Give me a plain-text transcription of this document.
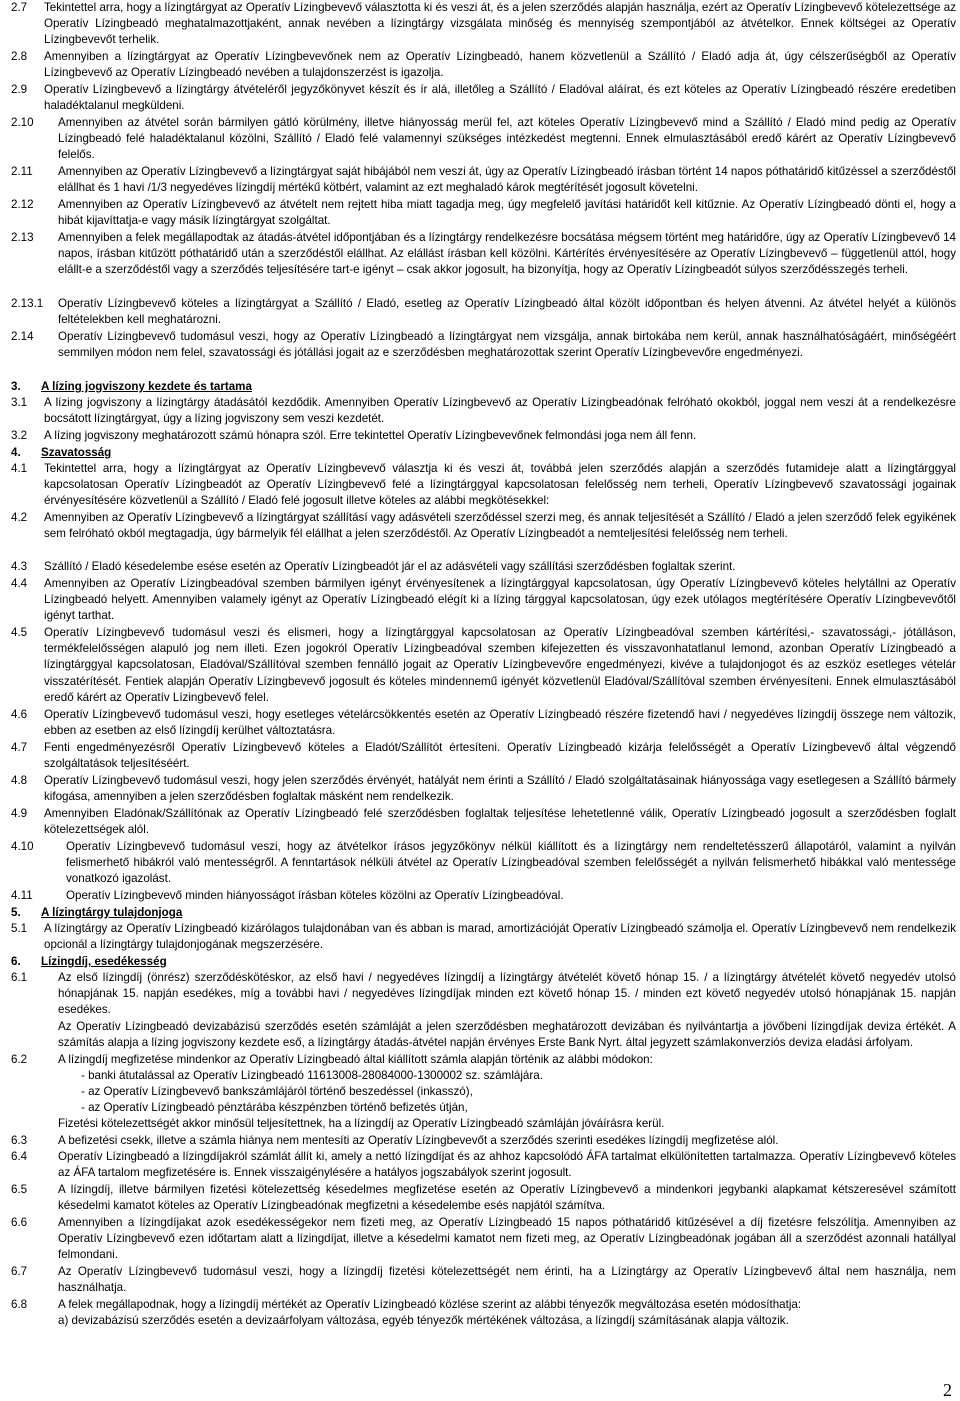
2.7 Tekintettel arra, hogy a lízingtárgyat az Operatív Lízingbevevő választotta ki és veszi át, és a jelen szerződés alapján használja, ezért az Operatív Lízingbevevő kötelezettsége az Operatív Lízingbeadó meghatalmazottjaként, annak nevében a lízingtárgy vizsgálata minőség és mennyiség szempontjából az átvételkor. Ennek költségei az Operatív Lízingbevevőt terhelik.
2.8 Amennyiben a lízingtárgyat az Operatív Lízingbevevőnek nem az Operatív Lízingbeadó, hanem közvetlenül a Szállító / Eladó adja át, úgy célszerűségből az Operatív Lízingbevevő az Operatív Lízingbeadó nevében a tulajdonszerzést is igazolja.
2.9 Operatív Lízingbevevő a lízingtárgy átvételéről jegyzőkönyvet készít és ír alá, illetőleg a Szállító / Eladóval aláírat, és ezt köteles az Operatív Lízingbeadó részére eredetiben haladéktalanul megküldeni.
2.10 Amennyiben az átvétel során bármilyen gátló körülmény, illetve hiányosság merül fel, azt köteles Operatív Lízingbevevő mind a Szállító / Eladó mind pedig az Operatív Lízingbeadó felé haladéktalanul közölni, Szállító / Eladó felé valamennyi szükséges intézkedést megtenni. Ennek elmulasztásából eredő kárért az Operatív Lízingbevevő felelős.
2.11 Amennyiben az Operatív Lízingbevevő a lízingtárgyat saját hibájából nem veszi át, úgy az Operatív Lízingbeadó írásban történt 14 napos póthatáridő kitűzéssel a szerződéstől elállhat és 1 havi /1/3 negyedéves lízingdíj mértékű kötbért, valamint az ezt meghaladó károk megtérítését jogosult követelni.
2.12 Amennyiben az Operatív Lízingbevevő az átvételt nem rejtett hiba miatt tagadja meg, úgy megfelelő javítási határidőt kell kitűznie. Az Operatív Lízingbeadó dönti el, hogy a hibát kijavíttatja-e vagy másik lízingtárgyat szolgáltat.
2.13 Amennyiben a felek megállapodtak az átadás-átvétel időpontjában és a lízingtárgy rendelkezésre bocsátása mégsem történt meg határidőre, úgy az Operatív Lízingbevevő 14 napos, írásban kitűzött póthatáridő után a szerződéstől elállhat. Az elállást írásban kell közölni. Kártérítés érvényesítésére az Operatív Lízingbevevő – függetlenül attól, hogy elállt-e a szerződéstől vagy a szerződés teljesítésére tart-e igényt – csak akkor jogosult, ha bizonyítja, hogy az Operatív Lízingbeadót súlyos szerződésszegés terheli.
2.13.1 Operatív Lízingbevevő köteles a lízingtárgyat a Szállító / Eladó, esetleg az Operatív Lízingbeadó által közölt időpontban és helyen átvenni. Az átvétel helyét a különös feltételekben kell meghatározni.
2.14 Operatív Lízingbevevő tudomásul veszi, hogy az Operatív Lízingbeadó a lízingtárgyat nem vizsgálja, annak birtokába nem kerül, annak használhatóságáért, minőségéért semmilyen módon nem felel, szavatossági és jótállási jogait az e szerződésben meghatározottak szerint Operatív Lízingbevevőre engedményezi.
3. A lízing jogviszony kezdete és tartama
3.1 A lízing jogviszony a lízingtárgy átadásától kezdődik. Amennyiben Operatív Lízingbevevő az Operatív Lízingbeadónak felróható okokból, joggal nem veszi át a rendelkezésre bocsátott lízingtárgyat, úgy a lízing jogviszony sem veszi kezdetét.
3.2 A lízing jogviszony meghatározott számú hónapra szól. Erre tekintettel Operatív Lízingbevevőnek felmondási joga nem áll fenn.
4. Szavatosság
4.1 Tekintettel arra, hogy a lízingtárgyat az Operatív Lízingbevevő választja ki és veszi át, továbbá jelen szerződés alapján a szerződés futamideje alatt a lízingtárggyal kapcsolatosan Operatív Lízingbeadót az Operatív Lízingbevevő felé a lízingtárggyal kapcsolatosan felelősség nem terheli, Operatív Lízingbevevő szavatossági jogainak érvényesítésére közvetlenül a Szállító / Eladó felé jogosult illetve köteles az alábbi megkötésekkel:
4.2 Amennyiben az Operatív Lízingbevevő a lízingtárgyat szállításí vagy adásvételi szerződéssel szerzi meg, és annak teljesítését a Szállító / Eladó a jelen szerződő felek egyikének sem felróható okból megtagadja, úgy bármelyik fél elállhat a jelen szerződéstől. Az Operatív Lízingbeadót a nemteljesítési felelősség nem terheli.
4.3 Szállító / Eladó késedelembe esése esetén az Operatív Lízingbeadót jár el az adásvételi vagy szállítási szerződésben foglaltak szerint.
4.4 Amennyiben az Operatív Lízingbeadóval szemben bármilyen igényt érvényesítenek a lízingtárggyal kapcsolatosan, úgy Operatív Lízingbevevő köteles helytállni az Operatív Lízingbeadó helyett. Amennyiben valamely igényt az Operatív Lízingbeadó elégít ki a lízing tárggyal kapcsolatosan, úgy ezek utólagos megtérítésére Operatív Lízingbevevőtől igényt tarthat.
4.5 Operatív Lízingbevevő tudomásul veszi és elismeri, hogy a lízingtárggyal kapcsolatosan az Operatív Lízingbeadóval szemben kártérítési,- szavatossági,- jótálláson, termékfelelősségen alapuló jog nem illeti. Ezen jogokról Operatív Lízingbeadóval szemben kifejezetten és visszavonhatatlanul lemond, azonban Operatív Lízingbeadó a lízingtárggyal kapcsolatosan, Eladóval/Szállítóval szemben fennálló jogait az Operatív Lízingbevevőre engedményezi, kivéve a tulajdonjogot és az eszköz esetleges vételár visszatérítését. Fentiek alapján Operatív Lízingbevevő jogosult és köteles mindennemű igényét közvetlenül Eladóval/Szállítóval szemben érvényesíteni. Ennek elmulasztásából eredő kárért az Operatív Lízingbevevő felel.
4.6 Operatív Lízingbevevő tudomásul veszi, hogy esetleges vételárcsökkentés esetén az Operatív Lízingbeadó részére fizetendő havi / negyedéves lízingdíj összege nem változik, ebben az esetben az első lízingdíj kerülhet változtatásra.
4.7 Fenti engedményezésről Operatív Lízingbevevő köteles a Eladót/Szállítót értesíteni. Operatív Lízingbeadó kizárja felelősségét a Operatív Lízingbevevő által végzendő szolgáltatások teljesítéséért.
4.8 Operatív Lízingbevevő tudomásul veszi, hogy jelen szerződés érvényét, hatályát nem érinti a Szállító / Eladó szolgáltatásainak hiányossága vagy esetlegesen a Szállító bármely kifogása, amennyiben a jelen szerződésben foglaltak másként nem rendelkezik.
4.9 Amennyiben Eladónak/Szállítónak az Operatív Lízingbeadó felé szerződésben foglaltak teljesítése lehetetlenné válik, Operatív Lízingbeadó jogosult a szerződésben foglalt kötelezettségek alól.
4.10	Operatív Lízingbevevő tudomásul veszi, hogy az átvételkor írásos jegyzőkönyv nélkül kiállított és a lízingtárgy nem rendeltetésszerű állapotáról, valamint a nyilván felismerhető hibákról való mentességről. A fenntartások nélküli átvétel az Operatív Lízingbeadóval szemben felelősségét a nyilván felismerhető hibákkal való mentessége vonatkozó igazolást.
4.11	Operatív Lízingbevevő minden hiányosságot írásban köteles közölni az Operatív Lízingbeadóval.
5. A lízingtárgy tulajdonjoga
5.1 A lízingtárgy az Operatív Lízingbeadó kizárólagos tulajdonában van és abban is marad, amortizációját Operatív Lízingbeadó számolja el. Operatív Lízingbevevő nem rendelkezik opcionál a lízingtárgy tulajdonjogának megszerzésére.
6. Lízingdíj, esedékesség
6.1	Az első lízingdíj (önrész) szerződéskötéskor, az első havi / negyedéves lízingdíj a lízingtárgy átvételét követő hónap 15. / a lízingtárgy átvételét követő negyedév utolsó hónapjának 15. napján esedékes, míg a további havi / negyedéves lízingdíjak minden ezt követő hónap 15. / minden ezt követő negyedév utolsó hónapjának 15. napján esedékes.
Az Operatív Lízingbeadó devizabázisú szerződés esetén számláját a jelen szerződésben meghatározott devizában és nyilvántartja a jövőbeni lízingdíjak deviza értékét. A számítás alapja a lízing jogviszony kezdete eső, a lízingtárgy átadás-átvétel napján érvényes Erste Bank Nyrt. által jegyzett számlakonverziós deviza eladási árfolyam.
6.2	A lízingdíj megfizetése mindenkor az Operatív Lízingbeadó által kiállított számla alapján történik az alábbi módokon:
- banki átutalással az Operatív Lízingbeadó 11613008-28084000-1300002 sz. számlájára.
- az Operatív Lízingbevevő bankszámlájáról történő beszedéssel (inkasszó),
- az Operatív Lízingbeadó pénztárába készpénzben történő befizetés útján,
Fizetési kötelezettségét akkor minősül teljesítettnek, ha a lízingdíj az Operatív Lízingbeadó számláján jóváírásra kerül.
6.3	A befizetési csekk, illetve a számla hiánya nem mentesíti az Operatív Lízingbevevőt a szerződés szerinti esedékes lízingdíj megfizetése alól.
6.4	Operatív Lízingbeadó a lízingdíjakról számlát állít ki, amely a nettó lízingdíjat és az ahhoz kapcsolódó ÁFA tartalmat elkülönítetten tartalmazza. Operatív Lízingbevevő köteles az ÁFA tartalom megfizetésére is. Ennek visszaigénylésére a hatályos jogszabályok szerint jogosult.
6.5	A lízingdíj, illetve bármilyen fizetési kötelezettség késedelmes megfizetése esetén az Operatív Lízingbevevő a mindenkori jegybanki alapkamat kétszeresével számított késedelmi kamatot köteles az Operatív Lízingbeadónak megfizetni a késedelembe esés napjától számítva.
6.6	Amennyiben a lízingdíjakat azok esedékességekor nem fizeti meg, az Operatív Lízingbeadó 15 napos póthatáridő kitűzésével a díj fizetésre felszólítja. Amennyiben az Operatív Lízingbevevő ezen időtartam alatt a lízingdíjat, illetve a késedelmi kamatot nem fizeti meg, az Operatív Lízingbeadónak jogában áll a szerződést azonnali hatállyal felmondani.
6.7	Az Operatív Lízingbevevő tudomásul veszi, hogy a lízingdíj fizetési kötelezettségét nem érinti, ha a Lízingtárgy az Operatív Lízingbevevő által nem használja, nem használhatja.
6.8	A felek megállapodnak, hogy a lízingdíj mértékét az Operatív Lízingbeadó közlése szerint az alábbi tényezők megváltozása esetén módosíthatja:
a) devizabázisú szerződés esetén a devizaárfolyam változása, egyéb tényezők mértékének változása, a lízingdíj számításának alapja változik.
2
